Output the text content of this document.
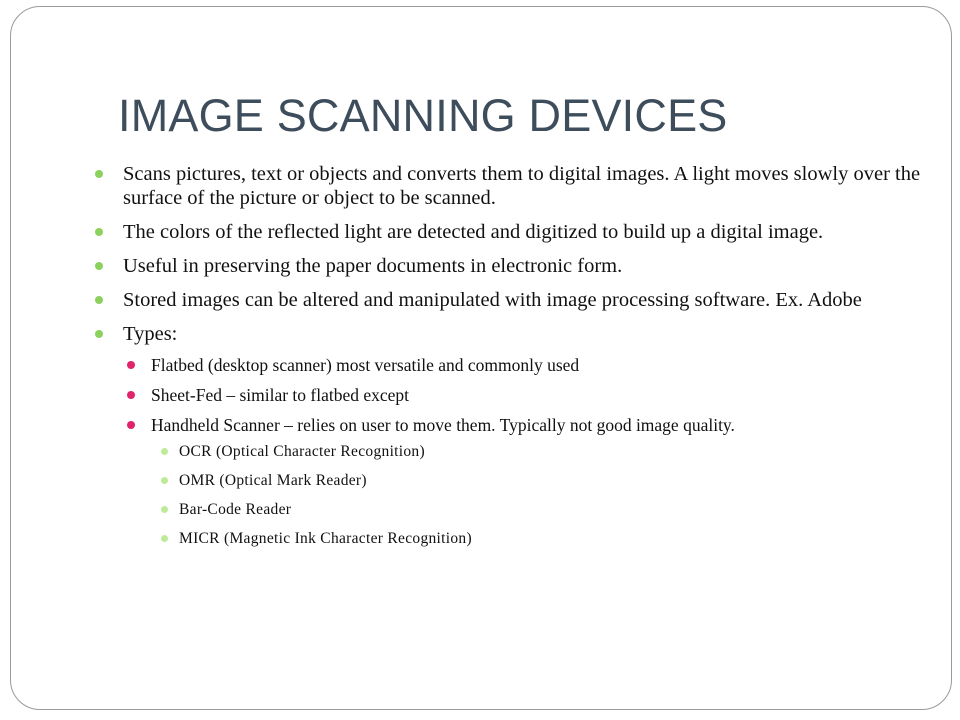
IMAGE SCANNING DEVICES
Scans pictures, text or objects and converts them to digital images. A light moves slowly over the surface of the picture or object to be scanned.
The colors of the reflected light are detected and digitized to build up a digital image.
Useful in preserving the paper documents in electronic form.
Stored images can be altered and manipulated with image processing software. Ex. Adobe
Types:
Flatbed (desktop scanner) most versatile and commonly used
Sheet-Fed – similar to flatbed except
Handheld Scanner – relies on user to move them. Typically not good image quality.
OCR (Optical Character Recognition)
OMR (Optical Mark Reader)
Bar-Code Reader
MICR (Magnetic Ink Character Recognition)
